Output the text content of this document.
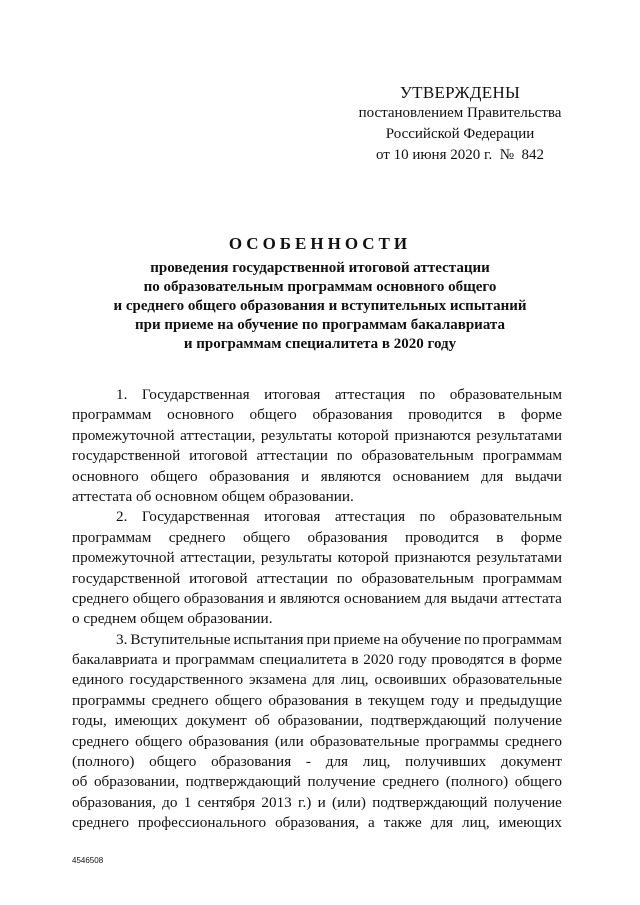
УТВЕРЖДЕНЫ
постановлением Правительства
Российской Федерации
от 10 июня 2020 г.  №  842
ОСОБЕННОСТИ
проведения государственной итоговой аттестации
по образовательным программам основного общего
и среднего общего образования и вступительных испытаний
при приеме на обучение по программам бакалавриата
и программам специалитета в 2020 году
1. Государственная итоговая аттестация по образовательным
программам основного общего образования проводится в форме
промежуточной аттестации, результаты которой признаются результатами
государственной итоговой аттестации по образовательным программам
основного общего образования и являются основанием для выдачи
аттестата об основном общем образовании.
2. Государственная итоговая аттестация по образовательным
программам среднего общего образования проводится в форме
промежуточной аттестации, результаты которой признаются результатами
государственной итоговой аттестации по образовательным программам
среднего общего образования и являются основанием для выдачи аттестата
о среднем общем образовании.
3. Вступительные испытания при приеме на обучение по программам
бакалавриата и программам специалитета в 2020 году проводятся в форме
единого государственного экзамена для лиц, освоивших образовательные
программы среднего общего образования в текущем году и предыдущие
годы, имеющих документ об образовании, подтверждающий получение
среднего общего образования (или образовательные программы среднего
(полного) общего образования - для лиц, получивших документ
об образовании, подтверждающий получение среднего (полного) общего
образования, до 1 сентября 2013 г.) и (или) подтверждающий получение
среднего профессионального образования, а также для лиц, имеющих
4546508
